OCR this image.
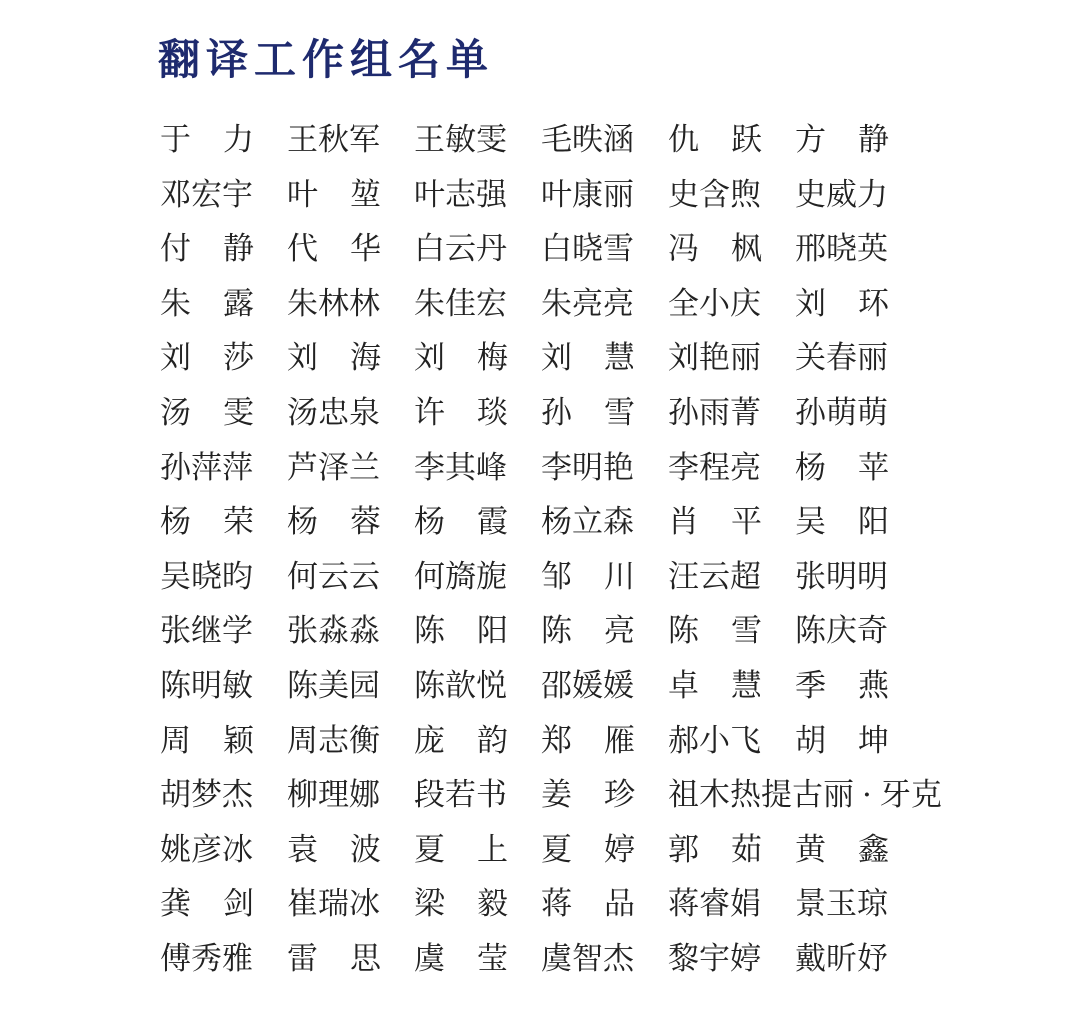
翻译工作组名单
于 力 王秋军 王敏雯 毛昳涵 仇 跃 方 静
邓宏宇 叶 堃 叶志强 叶康丽 史含煦 史威力
付 静 代 华 白云丹 白晓雪 冯 枫 邢晓英
朱 露 朱林林 朱佳宏 朱亮亮 全小庆 刘 环
刘 莎 刘 海 刘 梅 刘 慧 刘艳丽 关春丽
汤 雯 汤忠泉 许 琰 孙 雪 孙雨菁 孙萌萌
孙萍萍 芦泽兰 李其峰 李明艳 李程亮 杨 苹
杨 荣 杨 蓉 杨 霞 杨立森 肖 平 吴 阳
吴晓昀 何云云 何旖旎 邹 川 汪云超 张明明
张继学 张淼淼 陈 阳 陈 亮 陈 雪 陈庆奇
陈明敏 陈美园 陈歆悦 邵媛媛 卓 慧 季 燕
周 颖 周志衡 庞 韵 郑 雁 郝小飞 胡 坤
胡梦杰 柳理娜 段若书 姜 珍 祖木热提古丽 · 牙克
姚彦冰 袁 波 夏 上 夏 婷 郭 茹 黄 鑫
龚 剑 崔瑞冰 梁 毅 蒋 品 蒋睿娟 景玉琼
傅秀雅 雷 思 虞 莹 虞智杰 黎宇婷 戴昕妤
